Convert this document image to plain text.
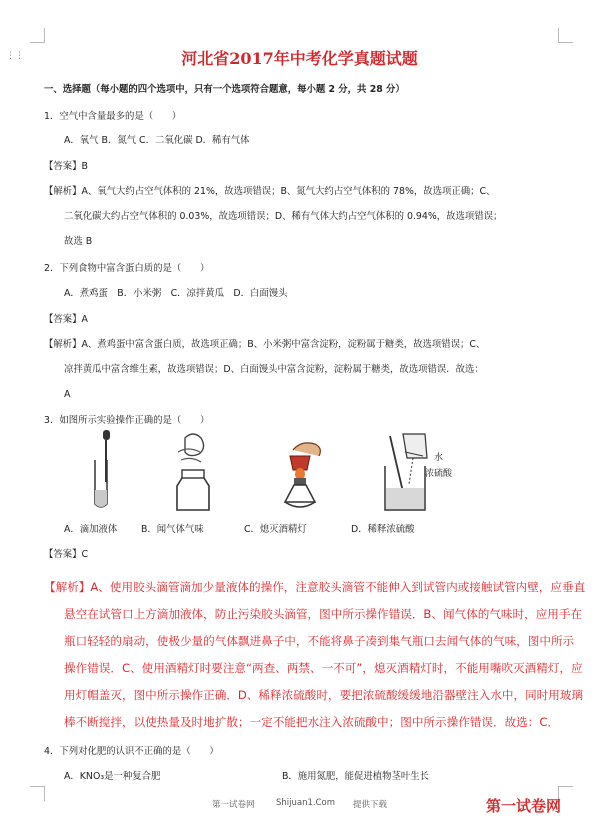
⋮⋮	河北省2017年中考化学真题试题
一、选择题（每小题的四个选项中，只有一个选项符合题意，每小题 2 分，共 28 分）
1．空气中含量最多的是（　　）
A．氧气 B．氮气 C．二氧化碳 D．稀有气体
【答案】B
【解析】A、氧气大约占空气体积的 21%，故选项错误；B、氮气大约占空气体积的 78%，故选项正确；C、
二氧化碳大约占空气体积的 0.03%，故选项错误；D、稀有气体大约占空气体积的 0.94%，故选项错误；
故选 B
2．下列食物中富含蛋白质的是（　　）
A．煮鸡蛋　B．小米粥　C．凉拌黄瓜　D．白面馒头
【答案】A
【解析】A、煮鸡蛋中富含蛋白质，故选项正确；B、小米粥中富含淀粉，淀粉属于糖类，故选项错误；C、
凉拌黄瓜中富含维生素，故选项错误；D、白面馒头中富含淀粉，淀粉属于糖类，故选项错误．故选：
A
3．如图所示实验操作正确的是（　　）
水
浓硫酸
A．滴加液体	B．闻气体气味	C．熄灭酒精灯	D．稀释浓硫酸
【答案】C
【解析】A、使用胶头滴管滴加少量液体的操作，注意胶头滴管不能伸入到试管内或接触试管内壁，应垂直
悬空在试管口上方滴加液体，防止污染胶头滴管，图中所示操作错误．B、闻气体的气味时，应用手在
瓶口轻轻的扇动，使极少量的气体飘进鼻子中，不能将鼻子凑到集气瓶口去闻气体的气味，图中所示
操作错误．C、使用酒精灯时要注意“两查、两禁、一不可”，熄灭酒精灯时，不能用嘴吹灭酒精灯，应
用灯帽盖灭，图中所示操作正确．D、稀释浓硫酸时，要把浓硫酸缓缓地沿器壁注入水中，同时用玻璃
棒不断搅拌，以使热量及时地扩散；一定不能把水注入浓硫酸中；图中所示操作错误．故选：C．
4．下列对化肥的认识不正确的是（　　）
A．KNO₃是一种复合肥	B．施用氮肥，能促进植物茎叶生长
第一试卷网	Shijuan1.Com 提供下载	第一试卷网
